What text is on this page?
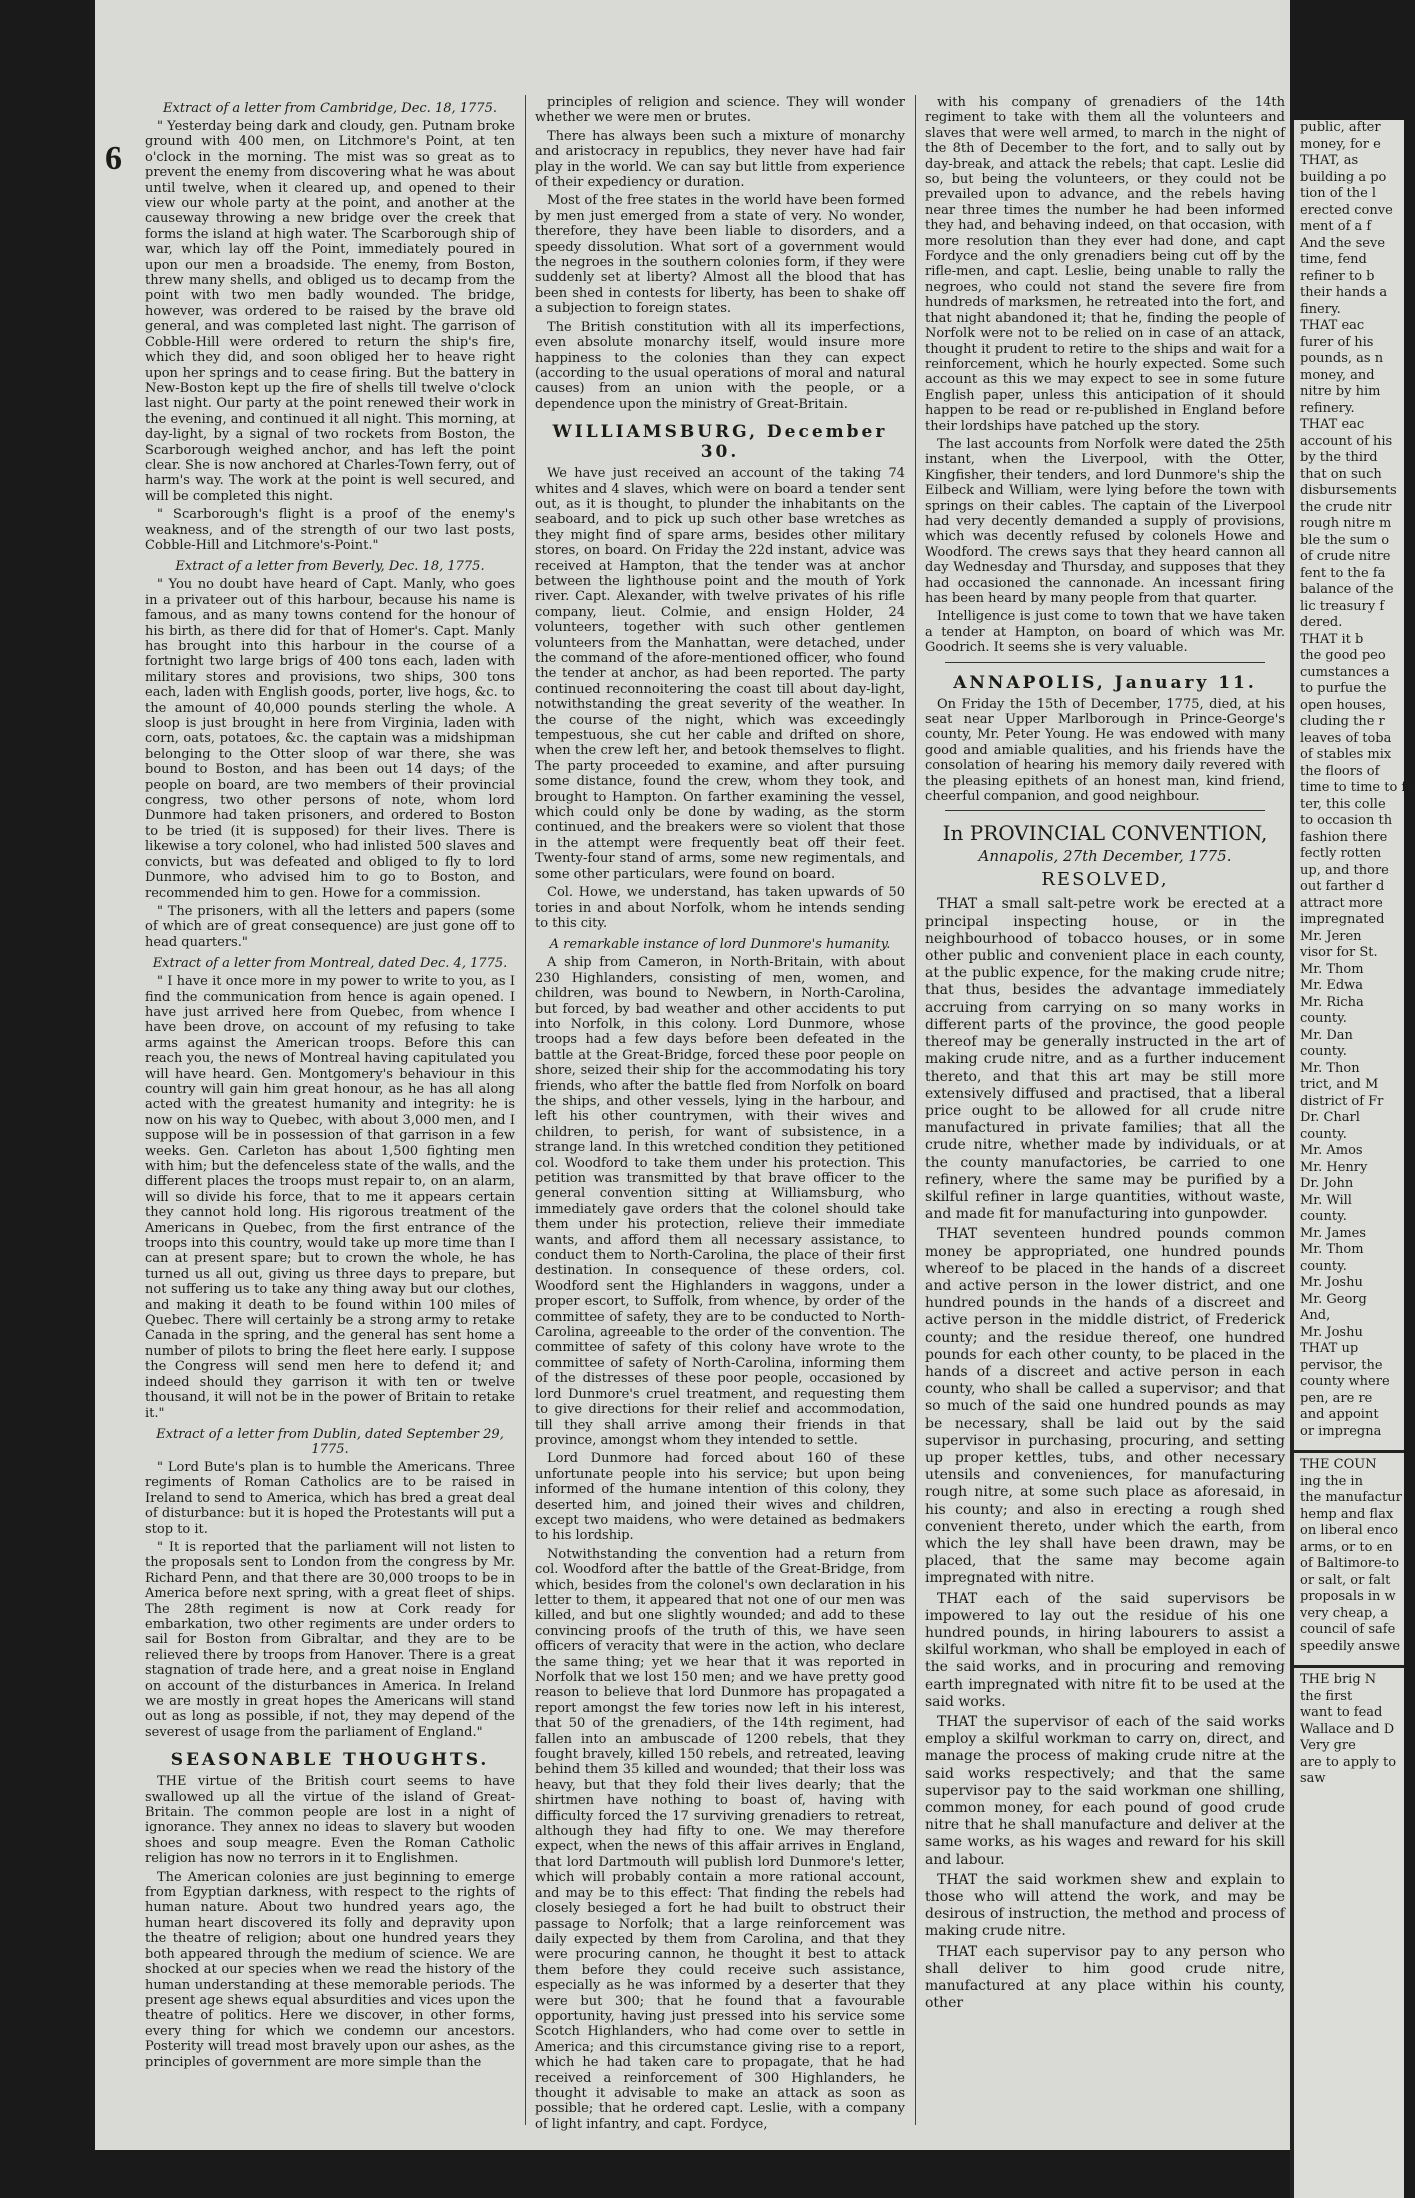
6
Extract of a letter from Cambridge, Dec. 18, 1775.

" Yesterday being dark and cloudy, gen. Putnam broke ground with 400 men, on Litchmore's Point, at ten o'clock in the morning. The mist was so great as to prevent the enemy from discovering what he was about until twelve, when it cleared up, and opened to their view our whole party at the point, and another at the causeway throwing a new bridge over the creek that forms the island at high water. The Scarborough ship of war, which lay off the Point, immediately poured in upon our men a broadside. The enemy, from Boston, threw many shells, and obliged us to decamp from the point with two men badly wounded. The bridge, however, was ordered to be raised by the brave old general, and was completed last night. The garrison of Cobble-Hill were ordered to return the ship's fire, which they did, and soon obliged her to heave right upon her springs and to cease firing. But the battery in New-Boston kept up the fire of shells till twelve o'clock last night. Our party at the point renewed their work in the evening, and continued it all night. This morning, at day-light, by a signal of two rockets from Boston, the Scarborough weighed anchor, and has left the point clear. She is now anchored at Charles-Town ferry, out of harm's way. The work at the point is well secured, and will be completed this night.

" Scarborough's flight is a proof of the enemy's weakness, and of the strength of our two last posts, Cobble-Hill and Litchmore's-Point."

Extract of a letter from Beverly, Dec. 18, 1775.

" You no doubt have heard of Capt. Manly, who goes in a privateer out of this harbour, because his name is famous, and as many towns contend for the honour of his birth, as there did for that of Homer's. Capt. Manly has brought into this harbour in the course of a fortnight two large brigs of 400 tons each, laden with military stores and provisions, two ships, 300 tons each, laden with English goods, porter, live hogs, &c. to the amount of 40,000 pounds sterling the whole. A sloop is just brought in here from Virginia, laden with corn, oats, potatoes, &c. the captain was a midshipman belonging to the Otter sloop of war there, she was bound to Boston, and has been out 14 days; of the people on board, are two members of their provincial congress, two other persons of note, whom lord Dunmore had taken prisoners, and ordered to Boston to be tried (it is supposed) for their lives. There is likewise a tory colonel, who had inlisted 500 slaves and convicts, but was defeated and obliged to fly to lord Dunmore, who advised him to go to Boston, and recommended him to gen. Howe for a commission.

" The prisoners, with all the letters and papers (some of which are of great consequence) are just gone off to head quarters."

Extract of a letter from Montreal, dated Dec. 4, 1775.

" I have it once more in my power to write to you, as I find the communication from hence is again opened. I have just arrived here from Quebec, from whence I have been drove, on account of my refusing to take arms against the American troops. Before this can reach you, the news of Montreal having capitulated you will have heard. Gen. Montgomery's behaviour in this country will gain him great honour, as he has all along acted with the greatest humanity and integrity: he is now on his way to Quebec, with about 3,000 men, and I suppose will be in possession of that garrison in a few weeks. Gen. Carleton has about 1,500 fighting men with him; but the defenceless state of the walls, and the different places the troops must repair to, on an alarm, will so divide his force, that to me it appears certain they cannot hold long. His rigorous treatment of the Americans in Quebec, from the first entrance of the troops into this country, would take up more time than I can at present spare; but to crown the whole, he has turned us all out, giving us three days to prepare, but not suffering us to take any thing away but our clothes, and making it death to be found within 100 miles of Quebec. There will certainly be a strong army to retake Canada in the spring, and the general has sent home a number of pilots to bring the fleet here early. I suppose the Congress will send men here to defend it; and indeed should they garrison it with ten or twelve thousand, it will not be in the power of Britain to retake it."

Extract of a letter from Dublin, dated September 29, 1775.

" Lord Bute's plan is to humble the Americans. Three regiments of Roman Catholics are to be raised in Ireland to send to America, which has bred a great deal of disturbance: but it is hoped the Protestants will put a stop to it.

" It is reported that the parliament will not listen to the proposals sent to London from the congress by Mr. Richard Penn, and that there are 30,000 troops to be in America before next spring, with a great fleet of ships. The 28th regiment is now at Cork ready for embarkation, two other regiments are under orders to sail for Boston from Gibraltar, and they are to be relieved there by troops from Hanover. There is a great stagnation of trade here, and a great noise in England on account of the disturbances in America. In Ireland we are mostly in great hopes the Americans will stand out as long as possible, if not, they may depend of the severest of usage from the parliament of England."

SEASONABLE THOUGHTS.

THE virtue of the British court seems to have swallowed up all the virtue of the island of Great-Britain. The common people are lost in a night of ignorance. They annex no ideas to slavery but wooden shoes and soup meagre. Even the Roman Catholic religion has now no terrors in it to Englishmen.

The American colonies are just beginning to emerge from Egyptian darkness, with respect to the rights of human nature. About two hundred years ago, the human heart discovered its folly and depravity upon the theatre of religion; about one hundred years they both appeared through the medium of science. We are shocked at our species when we read the history of the human understanding at these memorable periods. The present age shews equal absurdities and vices upon the theatre of politics. Here we discover, in other forms, every thing for which we condemn our ancestors. Posterity will tread most bravely upon our ashes, as the principles of government are more simple than the

principles of religion and science. They will wonder whether we were men or brutes.

There has always been such a mixture of monarchy and aristocracy in republics, they never have had fair play in the world. We can say but little from experience of their expediency or duration.

Most of the free states in the world have been formed by men just emerged from a state of very. No wonder, therefore, they have been liable to disorders, and a speedy dissolution. What sort of a government would the negroes in the southern colonies form, if they were suddenly set at liberty? Almost all the blood that has been shed in contests for liberty, has been to shake off a subjection to foreign states.

The British constitution with all its imperfections, even absolute monarchy itself, would insure more happiness to the colonies than they can expect (according to the usual operations of moral and natural causes) from an union with the people, or a dependence upon the ministry of Great-Britain.

WILLIAMSBURG, December 30.

We have just received an account of the taking 74 whites and 4 slaves, which were on board a tender sent out, as it is thought, to plunder the inhabitants on the seaboard, and to pick up such other base wretches as they might find of spare arms, besides other military stores, on board. On Friday the 22d instant, advice was received at Hampton, that the tender was at anchor between the lighthouse point and the mouth of York river. Capt. Alexander, with twelve privates of his rifle company, lieut. Colmie, and ensign Holder, 24 volunteers, together with such other gentlemen volunteers from the Manhattan, were detached, under the command of the afore-mentioned officer, who found the tender at anchor, as had been reported. The party continued reconnoitering the coast till about day-light, notwithstanding the great severity of the weather. In the course of the night, which was exceedingly tempestuous, she cut her cable and drifted on shore, when the crew left her, and betook themselves to flight. The party proceeded to examine, and after pursuing some distance, found the crew, whom they took, and brought to Hampton. On farther examining the vessel, which could only be done by wading, as the storm continued, and the breakers were so violent that those in the attempt were frequently beat off their feet. Twenty-four stand of arms, some new regimentals, and some other particulars, were found on board.

Col. Howe, we understand, has taken upwards of 50 tories in and about Norfolk, whom he intends sending to this city.

A remarkable instance of lord Dunmore's humanity.

A ship from Cameron, in North-Britain, with about 230 Highlanders, consisting of men, women, and children, was bound to Newbern, in North-Carolina, but forced, by bad weather and other accidents to put into Norfolk, in this colony. Lord Dunmore, whose troops had a few days before been defeated in the battle at the Great-Bridge, forced these poor people on shore, seized their ship for the accommodating his tory friends, who after the battle fled from Norfolk on board the ships, and other vessels, lying in the harbour, and left his other countrymen, with their wives and children, to perish, for want of subsistence, in a strange land. In this wretched condition they petitioned col. Woodford to take them under his protection. This petition was transmitted by that brave officer to the general convention sitting at Williamsburg, who immediately gave orders that the colonel should take them under his protection, relieve their immediate wants, and afford them all necessary assistance, to conduct them to North-Carolina, the place of their first destination. In consequence of these orders, col. Woodford sent the Highlanders in waggons, under a proper escort, to Suffolk, from whence, by order of the committee of safety, they are to be conducted to North-Carolina, agreeable to the order of the convention. The committee of safety of this colony have wrote to the committee of safety of North-Carolina, informing them of the distresses of these poor people, occasioned by lord Dunmore's cruel treatment, and requesting them to give directions for their relief and accommodation, till they shall arrive among their friends in that province, amongst whom they intended to settle.

Lord Dunmore had forced about 160 of these unfortunate people into his service; but upon being informed of the humane intention of this colony, they deserted him, and joined their wives and children, except two maidens, who were detained as bedmakers to his lordship.

Notwithstanding the convention had a return from col. Woodford after the battle of the Great-Bridge, from which, besides from the colonel's own declaration in his letter to them, it appeared that not one of our men was killed, and but one slightly wounded; and add to these convincing proofs of the truth of this, we have seen officers of veracity that were in the action, who declare the same thing; yet we hear that it was reported in Norfolk that we lost 150 men; and we have pretty good reason to believe that lord Dunmore has propagated a report amongst the few tories now left in his interest, that 50 of the grenadiers, of the 14th regiment, had fallen into an ambuscade of 1200 rebels, that they fought bravely, killed 150 rebels, and retreated, leaving behind them 35 killed and wounded; that their loss was heavy, but that they fold their lives dearly; that the shirtmen have nothing to boast of, having with difficulty forced the 17 surviving grenadiers to retreat, although they had fifty to one. We may therefore expect, when the news of this affair arrives in England, that lord Dartmouth will publish lord Dunmore's letter, which will probably contain a more rational account, and may be to this effect: That finding the rebels had closely besieged a fort he had built to obstruct their passage to Norfolk; that a large reinforcement was daily expected by them from Carolina, and that they were procuring cannon, he thought it best to attack them before they could receive such assistance, especially as he was informed by a deserter that they were but 300; that he found that a favourable opportunity, having just pressed into his service some Scotch Highlanders, who had come over to settle in America; and this circumstance giving rise to a report, which he had taken care to propagate, that he had received a reinforcement of 300 Highlanders, he thought it advisable to make an attack as soon as possible; that he ordered capt. Leslie, with a company of light infantry, and capt. Fordyce,

with his company of grenadiers of the 14th regiment to take with them all the volunteers and slaves that were well armed, to march in the night of the 8th of December to the fort, and to sally out by day-break, and attack the rebels; that capt. Leslie did so, but being the volunteers, or they could not be prevailed upon to advance, and the rebels having near three times the number he had been informed they had, and behaving indeed, on that occasion, with more resolution than they ever had done, and capt Fordyce and the only grenadiers being cut off by the rifle-men, and capt. Leslie, being unable to rally the negroes, who could not stand the severe fire from hundreds of marksmen, he retreated into the fort, and that night abandoned it; that he, finding the people of Norfolk were not to be relied on in case of an attack, thought it prudent to retire to the ships and wait for a reinforcement, which he hourly expected. Some such account as this we may expect to see in some future English paper, unless this anticipation of it should happen to be read or re-published in England before their lordships have patched up the story.

The last accounts from Norfolk were dated the 25th instant, when the Liverpool, with the Otter, Kingfisher, their tenders, and lord Dunmore's ship the Eilbeck and William, were lying before the town with springs on their cables. The captain of the Liverpool had very decently demanded a supply of provisions, which was decently refused by colonels Howe and Woodford. The crews says that they heard cannon all day Wednesday and Thursday, and supposes that they had occasioned the cannonade. An incessant firing has been heard by many people from that quarter.

Intelligence is just come to town that we have taken a tender at Hampton, on board of which was Mr. Goodrich. It seems she is very valuable.

ANNAPOLIS, January 11.

On Friday the 15th of December, 1775, died, at his seat near Upper Marlborough in Prince-George's county, Mr. Peter Young. He was endowed with many good and amiable qualities, and his friends have the consolation of hearing his memory daily revered with the pleasing epithets of an honest man, kind friend, cheerful companion, and good neighbour.

In PROVINCIAL CONVENTION,
Annapolis, 27th December, 1775.
RESOLVED,

THAT a small salt-petre work be erected at a principal inspecting house, or in the neighbourhood of tobacco houses, or in some other public and convenient place in each county, at the public expence, for the making crude nitre; that thus, besides the advantage immediately accruing from carrying on so many works in different parts of the province, the good people thereof may be generally instructed in the art of making crude nitre, and as a further inducement thereto, and that this art may be still more extensively diffused and practised, that a liberal price ought to be allowed for all crude nitre manufactured in private families; that all the crude nitre, whether made by individuals, or at the county manufactories, be carried to one refinery, where the same may be purified by a skilful refiner in large quantities, without waste, and made fit for manufacturing into gunpowder.

THAT seventeen hundred pounds common money be appropriated, one hundred pounds whereof to be placed in the hands of a discreet and active person in the lower district, and one hundred pounds in the hands of a discreet and active person in the middle district, of Frederick county; and the residue thereof, one hundred pounds for each other county, to be placed in the hands of a discreet and active person in each county, who shall be called a supervisor; and that so much of the said one hundred pounds as may be necessary, shall be laid out by the said supervisor in purchasing, procuring, and setting up proper kettles, tubs, and other necessary utensils and conveniences, for manufacturing rough nitre, at some such place as aforesaid, in his county; and also in erecting a rough shed convenient thereto, under which the earth, from which the ley shall have been drawn, may be placed, that the same may become again impregnated with nitre.

THAT each of the said supervisors be impowered to lay out the residue of his one hundred pounds, in hiring labourers to assist a skilful workman, who shall be employed in each of the said works, and in procuring and removing earth impregnated with nitre fit to be used at the said works.

THAT the supervisor of each of the said works employ a skilful workman to carry on, direct, and manage the process of making crude nitre at the said works respectively; and that the same supervisor pay to the said workman one shilling, common money, for each pound of good crude nitre that he shall manufacture and deliver at the same works, as his wages and reward for his skill and labour.

THAT the said workmen shew and explain to those who will attend the work, and may be desirous of instruction, the method and process of making crude nitre.

THAT each supervisor pay to any person who shall deliver to him good crude nitre, manufactured at any place within his county, other

public, after

money, for e

THAT, as

building a po

tion of the l

erected conve

ment of a f

And the seve

time, fend

refiner to b

their hands a

finery.

THAT eac

furer of his

pounds, as n

money, and

nitre by him

refinery.

THAT eac

account of his

by the third

that on such

disbursements

the crude nitr

rough nitre m

ble the sum o

of crude nitre

fent to the fa

balance of the

lic treasury f

dered.

THAT it b

the good peo

cumstances a

to purfue the

open houses,

cluding the r

leaves of toba

of stables mix

the floors of

time to time to fp

ter, this colle

to occasion th

fashion there

fectly rotten

up, and thore

out farther d

attract more

impregnated

Mr. Jeren

visor for St.

Mr. Thom

Mr. Edwa

Mr. Richa

county.

Mr. Dan

county.

Mr. Thon

trict, and M

district of Fr

Dr. Charl

county.

Mr. Amos

Mr. Henry

Dr. John

Mr. Will

county.

Mr. James

Mr. Thom

county.

Mr. Joshu

Mr. Georg

And,

Mr. Joshu

THAT up

pervisor, the

county where

pen, are re

and appoint

or impregna

THE COUN

ing the in

the manufactur

hemp and flax

on liberal enco

arms, or to en

of Baltimore-to

or salt, or falt

proposals in w

very cheap, a

council of safe

speedily answe

THE brig N

the first

want to fead

Wallace and D

Very gre

are to apply to

saw
